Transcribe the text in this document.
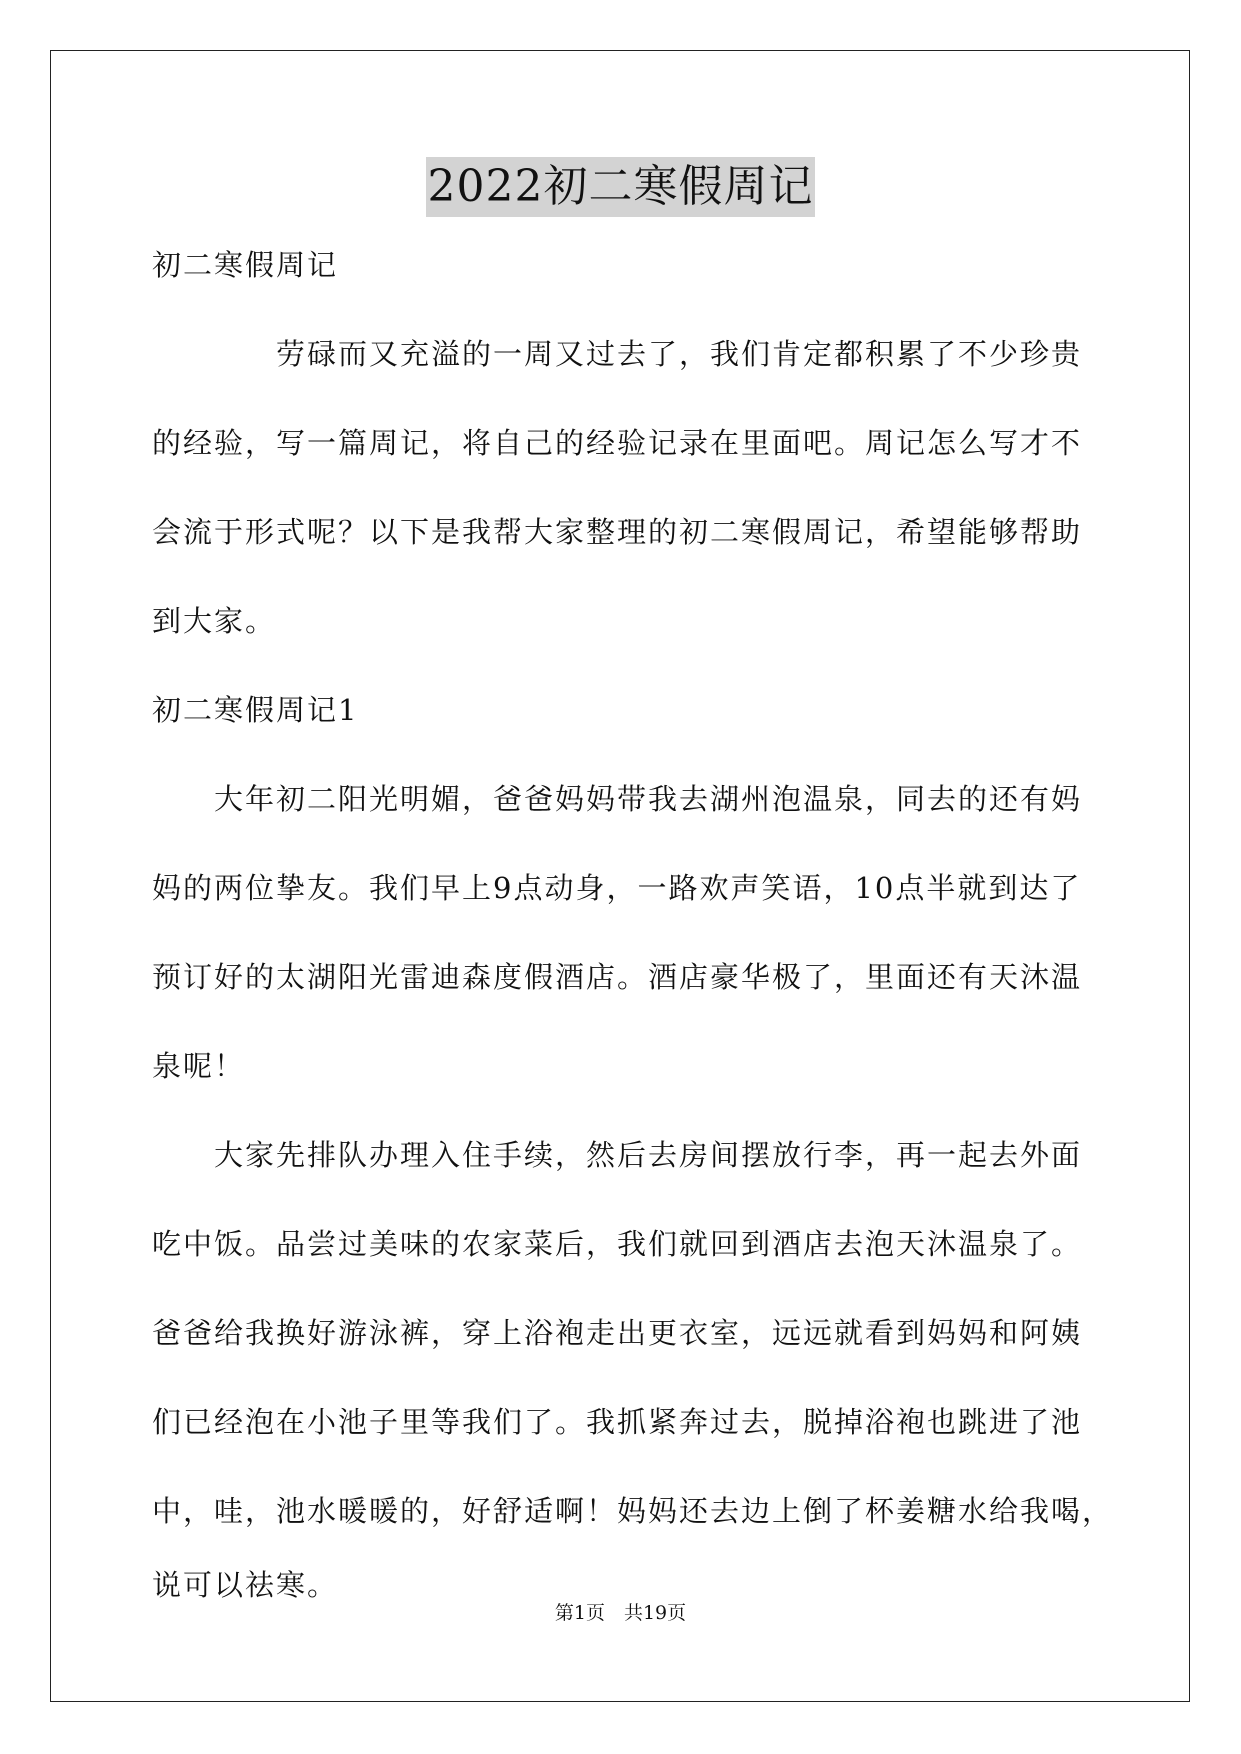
2022初二寒假周记
初二寒假周记
　　　　劳碌而又充溢的一周又过去了，我们肯定都积累了不少珍贵
的经验，写一篇周记，将自己的经验记录在里面吧。周记怎么写才不
会流于形式呢？以下是我帮大家整理的初二寒假周记，希望能够帮助
到大家。
初二寒假周记1
　　大年初二阳光明媚，爸爸妈妈带我去湖州泡温泉，同去的还有妈
妈的两位挚友。我们早上9点动身，一路欢声笑语，10点半就到达了
预订好的太湖阳光雷迪森度假酒店。酒店豪华极了，里面还有天沐温
泉呢！
　　大家先排队办理入住手续，然后去房间摆放行李，再一起去外面
吃中饭。品尝过美味的农家菜后，我们就回到酒店去泡天沐温泉了。
爸爸给我换好游泳裤，穿上浴袍走出更衣室，远远就看到妈妈和阿姨
们已经泡在小池子里等我们了。我抓紧奔过去，脱掉浴袍也跳进了池
中，哇，池水暖暖的，好舒适啊！妈妈还去边上倒了杯姜糖水给我喝，
说可以祛寒。
第1页　共19页
